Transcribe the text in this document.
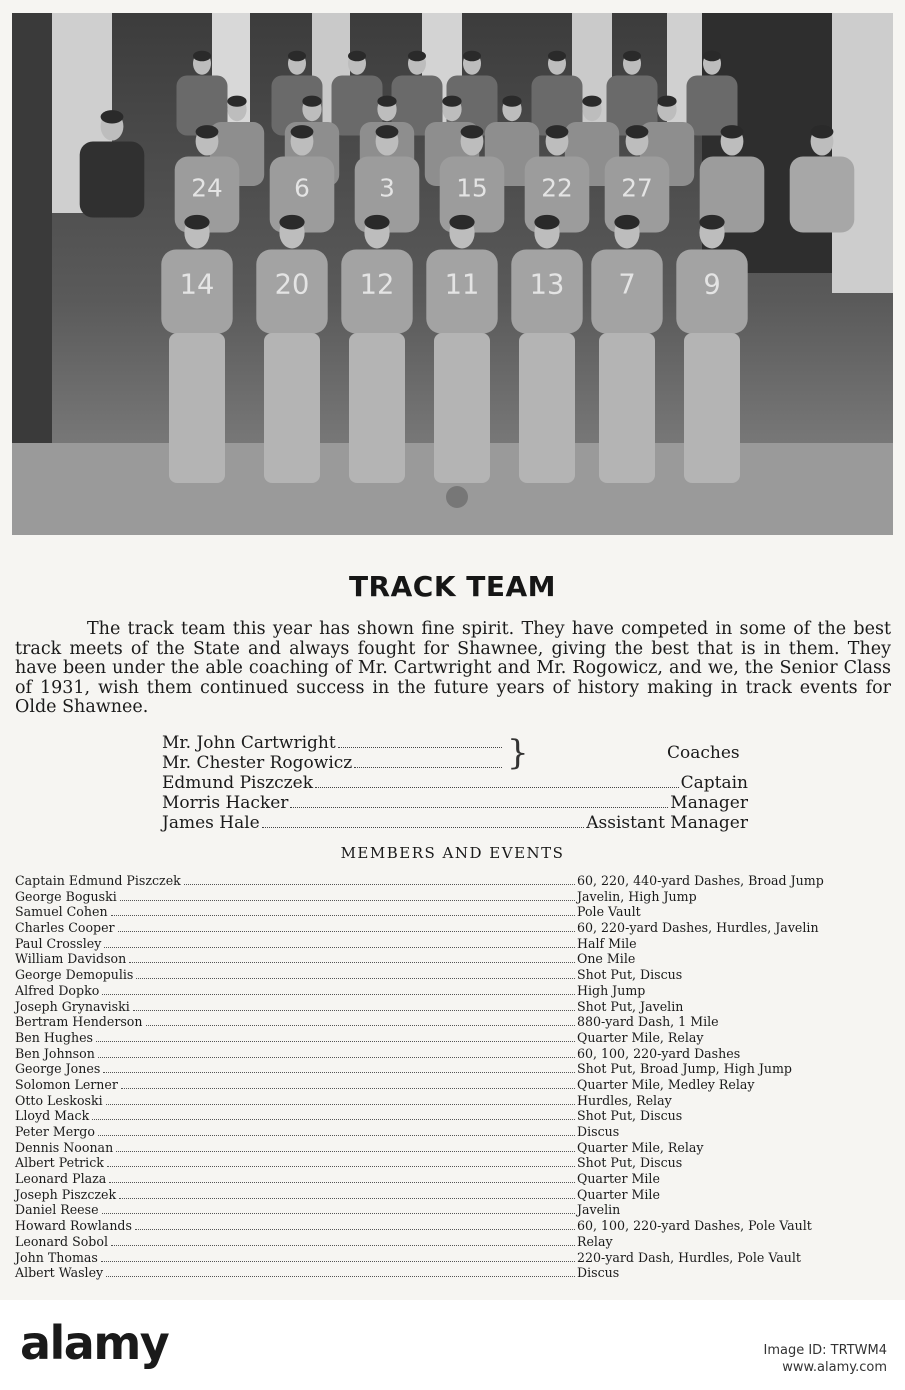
24	6	3 15 22 27
14 20 12 11 13 7 9
TRACK TEAM
The track team this year has shown fine spirit. They have competed in some of the best track meets of the State and always fought for Shawnee, giving the best that is in them. They have been under the able coaching of Mr. Cartwright and Mr. Rogowicz, and we, the Senior Class of 1931, wish them continued success in the future years of history making in track events for Olde Shawnee.
Mr. John Cartwright
Mr. Chester Rogowicz	}	Coaches
Edmund Piszczek	Captain
Morris Hacker	Manager
James Hale	Assistant Manager
MEMBERS AND EVENTS
Captain Edmund Piszczek	60, 220, 440-yard Dashes, Broad Jump
George Boguski	Javelin, High Jump
Samuel Cohen	Pole Vault
Charles Cooper	60, 220-yard Dashes, Hurdles, Javelin
Paul Crossley	Half Mile
William Davidson	One Mile
George Demopulis	Shot Put, Discus
Alfred Dopko	High Jump
Joseph Grynaviski	Shot Put, Javelin
Bertram Henderson	880-yard Dash, 1 Mile
Ben Hughes	Quarter Mile, Relay
Ben Johnson	60, 100, 220-yard Dashes
George Jones	Shot Put, Broad Jump, High Jump
Solomon Lerner	Quarter Mile, Medley Relay
Otto Leskoski	Hurdles, Relay
Lloyd Mack	Shot Put, Discus
Peter Mergo	Discus
Dennis Noonan	Quarter Mile, Relay
Albert Petrick	Shot Put, Discus
Leonard Plaza	Quarter Mile
Joseph Piszczek	Quarter Mile
Daniel Reese	Javelin
Howard Rowlands	60, 100, 220-yard Dashes, Pole Vault
Leonard Sobol	Relay
John Thomas	220-yard Dash, Hurdles, Pole Vault
Albert Wasley	Discus
alamy	Image ID: TRTWM4
www.alamy.com
